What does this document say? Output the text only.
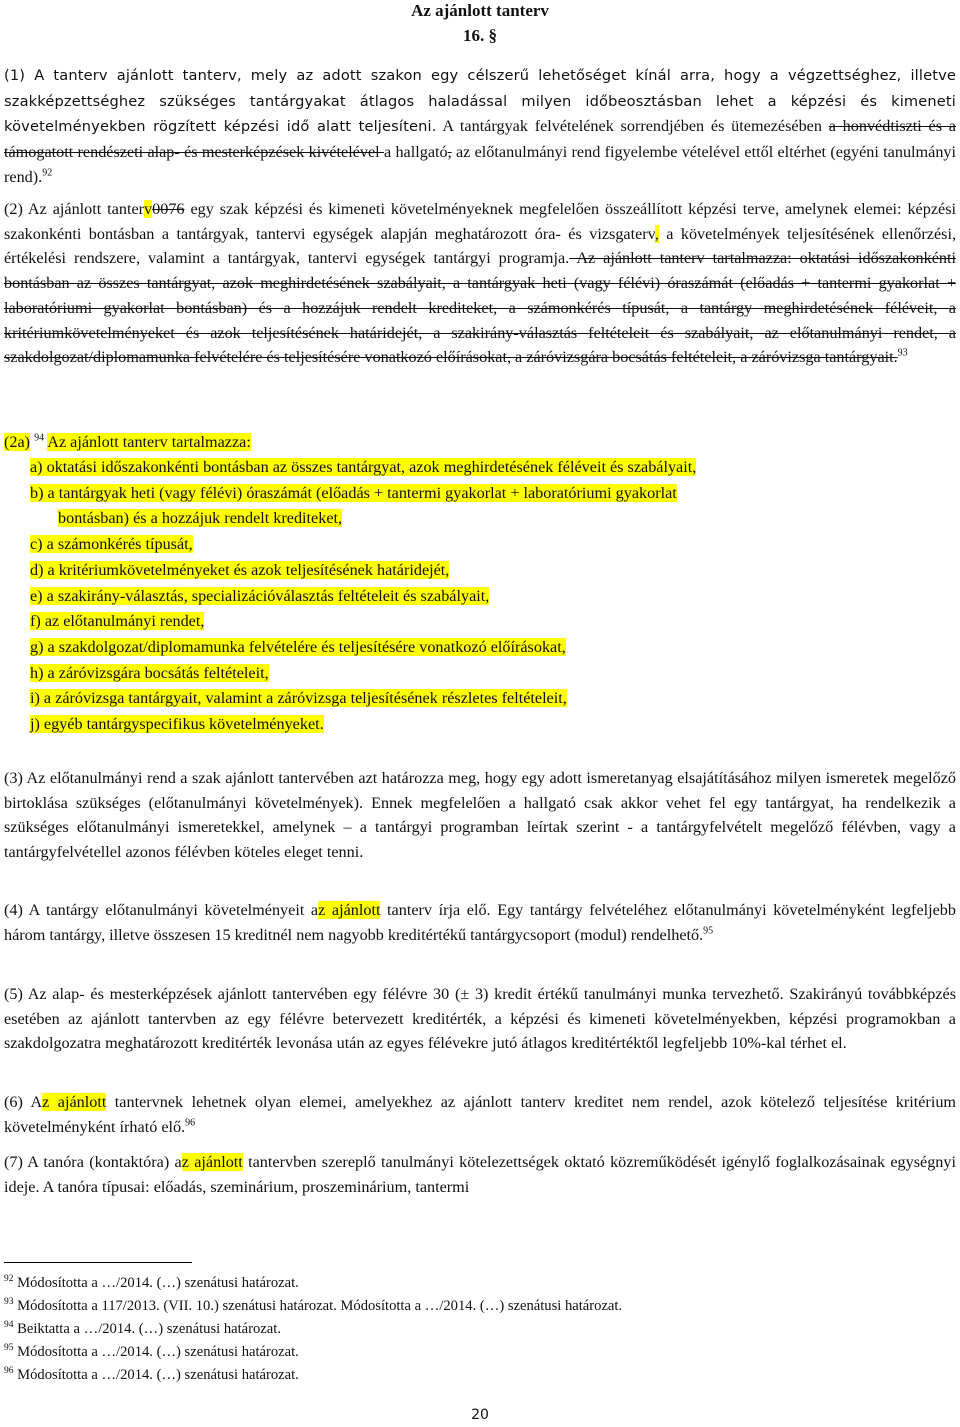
Az ajánlott tanterv
16. §

(1) A tanterv ajánlott tanterv, mely az adott szakon egy célszerű lehetőséget kínál arra, hogy a végzettséghez, illetve szakképzettséghez szükséges tantárgyakat átlagos haladással milyen időbeosztásban lehet a képzési és kimeneti követelményekben rögzített képzési idő alatt teljesíteni. A tantárgyak felvételének sorrendjében és ütemezésében a honvédtiszti és a támogatott rendészeti alap- és mesterképzések kivételével a hallgató, az előtanulmányi rend figyelembe vételével ettől eltérhet (egyéni tanulmányi rend).$^{92}$

(2) Az ajánlott tanterv0076 egy szak képzési és kimeneti követelményeknek megfelelően összeállított képzési terve, amelynek elemei: képzési szakonkénti bontásban a tantárgyak, tantervi egységek alapján meghatározott óra- és vizsgaterv, a követelmények teljesítésének ellenőrzési, értékelési rendszere, valamint a tantárgyak, tantervi egységek tantárgyi programja. Az ajánlott tanterv tartalmazza: oktatási időszakonkénti bontásban az összes tantárgyat, azok meghirdetésének szabályait, a tantárgyak heti (vagy félévi) óraszámát (előadás + tantermi gyakorlat + laboratóriumi gyakorlat bontásban) és a hozzájuk rendelt krediteket, a számonkérés típusát, a tantárgy meghirdetésének féléveit, a kritériumkövetelményeket és azok teljesítésének határidejét, a szakirány-választás feltételeit és szabályait, az előtanulmányi rendet, a szakdolgozat/diplomamunka felvételére és teljesítésére vonatkozó előírásokat, a záróvizsgára bocsátás feltételeit, a záróvizsga tantárgyait.$^{93}$

(2a) $^{94}$ Az ajánlott tanterv tartalmazza:

a) oktatási időszakonkénti bontásban az összes tantárgyat, azok meghirdetésének féléveit és szabályait,
b) a tantárgyak heti (vagy félévi) óraszámát (előadás + tantermi gyakorlat + laboratóriumi gyakorlat
bontásban) és a hozzájuk rendelt krediteket,
c) a számonkérés típusát,
d) a kritériumkövetelményeket és azok teljesítésének határidejét,
e) a szakirány-választás, specializációválasztás feltételeit és szabályait,
f) az előtanulmányi rendet,
g) a szakdolgozat/diplomamunka felvételére és teljesítésére vonatkozó előírásokat,
h) a záróvizsgára bocsátás feltételeit,
i) a záróvizsga tantárgyait, valamint a záróvizsga teljesítésének részletes feltételeit,
j) egyéb tantárgyspecifikus követelményeket.

(3) Az előtanulmányi rend a szak ajánlott tantervében azt határozza meg, hogy egy adott ismeretanyag elsajátításához milyen ismeretek megelőző birtoklása szükséges (előtanulmányi követelmények). Ennek megfelelően a hallgató csak akkor vehet fel egy tantárgyat, ha rendelkezik a szükséges előtanulmányi ismeretekkel, amelynek – a tantárgyi programban leírtak szerint - a tantárgyfelvételt megelőző félévben, vagy a tantárgyfelvétellel azonos félévben köteles eleget tenni.

(4) A tantárgy előtanulmányi követelményeit az ajánlott tanterv írja elő. Egy tantárgy felvételéhez előtanulmányi követelményként legfeljebb három tantárgy, illetve összesen 15 kreditnél nem nagyobb kreditértékű tantárgycsoport (modul) rendelhető.$^{95}$

(5) Az alap- és mesterképzések ajánlott tantervében egy félévre 30 (± 3) kredit értékű tanulmányi munka tervezhető. Szakirányú továbbképzés esetében az ajánlott tantervben az egy félévre betervezett kreditérték, a képzési és kimeneti követelményekben, képzési programokban a szakdolgozatra meghatározott kreditérték levonása után az egyes félévekre jutó átlagos kreditértéktől legfeljebb 10%-kal térhet el.

(6) Az ajánlott tantervnek lehetnek olyan elemei, amelyekhez az ajánlott tanterv kreditet nem rendel, azok kötelező teljesítése kritérium követelményként írható elő.$^{96}$

(7) A tanóra (kontaktóra) az ajánlott tantervben szereplő tanulmányi kötelezettségek oktató közreműködését igénylő foglalkozásainak egységnyi ideje. A tanóra típusai: előadás, szeminárium, proszeminárium, tantermi

$^{92}$ Módosította a …/2014. (…) szenátusi határozat.
$^{93}$ Módosította a 117/2013. (VII. 10.) szenátusi határozat. Módosította a …/2014. (…) szenátusi határozat.
$^{94}$ Beiktatta a …/2014. (…) szenátusi határozat.
$^{95}$ Módosította a …/2014. (…) szenátusi határozat.
$^{96}$ Módosította a …/2014. (…) szenátusi határozat.
20
